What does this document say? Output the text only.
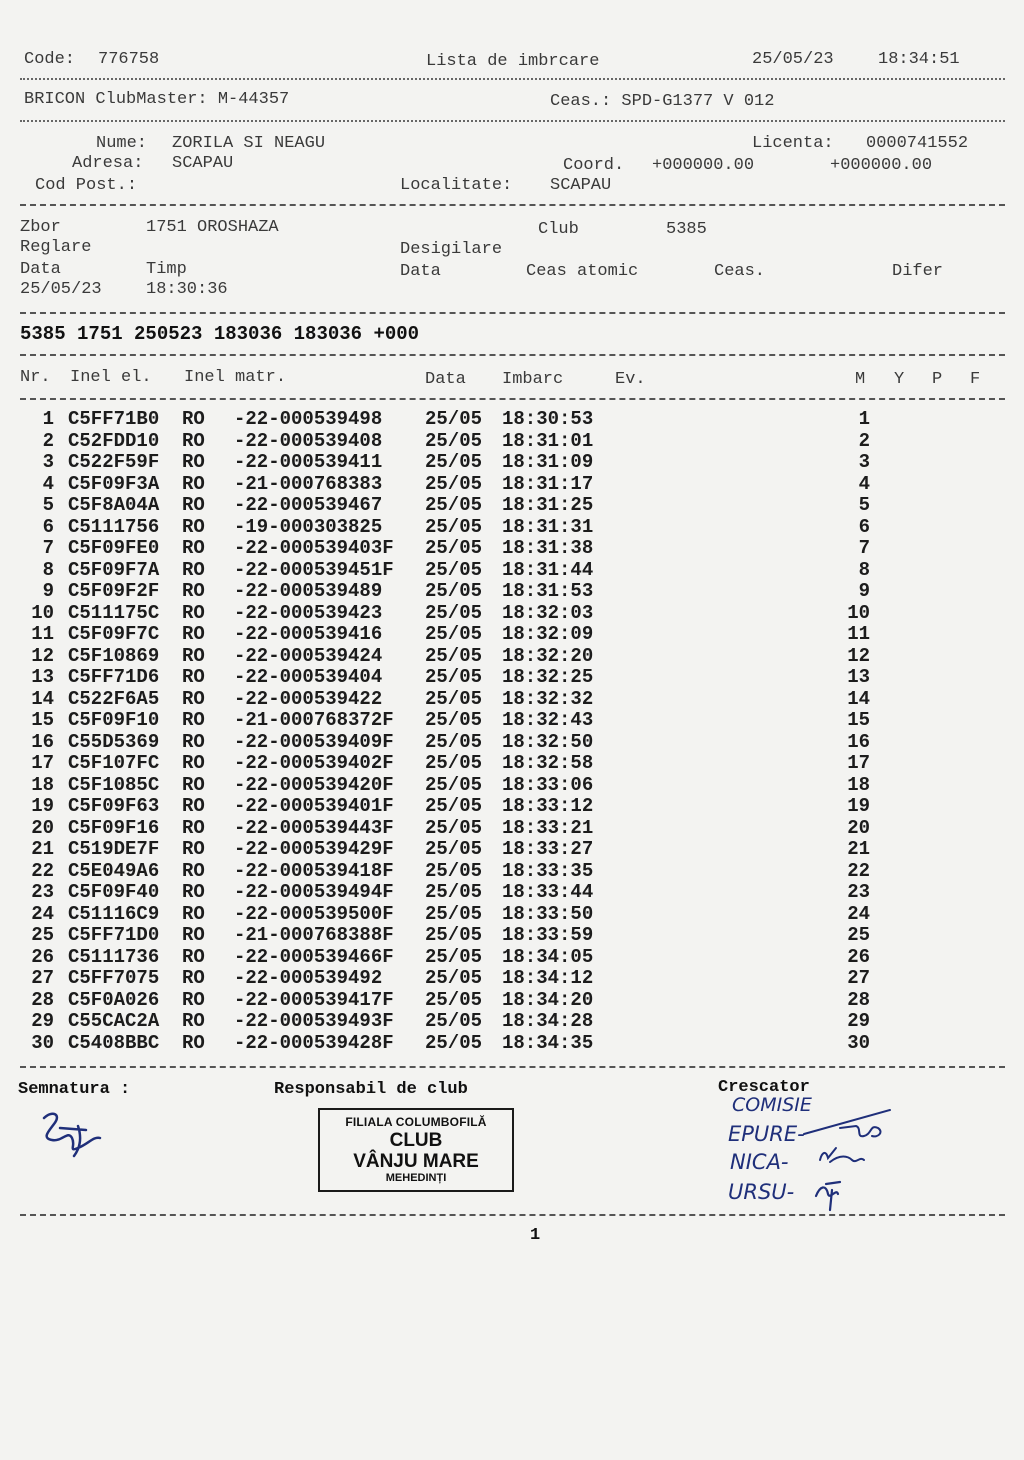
Code: 776758	Lista de imbrcare	25/05/23	18:34:51
BRICON ClubMaster: M-44357	Ceas.: SPD-G1377 V 012
Nume: ZORILA SI NEAGU	Licenta: 0000741552
Adresa: SCAPAU	Coord. +000000.00	+000000.00
Cod Post.:	Localitate: SCAPAU
Zbor	1751 OROSHAZA	Club	5385
Reglare	Desigilare
Data	Timp	Data	Ceas atomic	Ceas.	Difer
25/05/23	18:30:36
5385 1751 250523 183036 183036 +000
Nr. Inel el. Inel matr.	Data Imbarc	Ev.	M Y P F
1 C5FF71B0 RO -22-000539498 25/05 18:30:53	1
2 C52FDD10 RO -22-000539408 25/05 18:31:01	2
3 C522F59F RO -22-000539411 25/05 18:31:09	3
4 C5F09F3A RO -21-000768383 25/05 18:31:17	4
5 C5F8A04A RO -22-000539467 25/05 18:31:25	5
6 C5111756 RO -19-000303825 25/05 18:31:31	6
7 C5F09FE0 RO -22-000539403F 25/05 18:31:38	7
8 C5F09F7A RO -22-000539451F 25/05 18:31:44	8
9 C5F09F2F RO -22-000539489 25/05 18:31:53	9
10 C511175C RO -22-000539423 25/05 18:32:03	10
11 C5F09F7C RO -22-000539416 25/05 18:32:09	11
12 C5F10869 RO -22-000539424 25/05 18:32:20	12
13 C5FF71D6 RO -22-000539404 25/05 18:32:25	13
14 C522F6A5 RO -22-000539422 25/05 18:32:32	14
15 C5F09F10 RO -21-000768372F 25/05 18:32:43	15
16 C55D5369 RO -22-000539409F 25/05 18:32:50	16
17 C5F107FC RO -22-000539402F 25/05 18:32:58	17
18 C5F1085C RO -22-000539420F 25/05 18:33:06	18
19 C5F09F63 RO -22-000539401F 25/05 18:33:12	19
20 C5F09F16 RO -22-000539443F 25/05 18:33:21	20
21 C519DE7F RO -22-000539429F 25/05 18:33:27	21
22 C5E049A6 RO -22-000539418F 25/05 18:33:35	22
23 C5F09F40 RO -22-000539494F 25/05 18:33:44	23
24 C51116C9 RO -22-000539500F 25/05 18:33:50	24
25 C5FF71D0 RO -21-000768388F 25/05 18:33:59	25
26 C5111736 RO -22-000539466F 25/05 18:34:05	26
27 C5FF7075 RO -22-000539492 25/05 18:34:12	27
28 C5F0A026 RO -22-000539417F 25/05 18:34:20	28
29 C55CAC2A RO -22-000539493F 25/05 18:34:28	29
30 C5408BBC RO -22-000539428F 25/05 18:34:35	30
Semnatura :	Responsabil de club	Crescator
FILIALA COLUMBOFILĂ
CLUB
VÂNJU MARE
MEHEDINȚI
COMISIE
EPURE-
NICA-
URSU-
1
